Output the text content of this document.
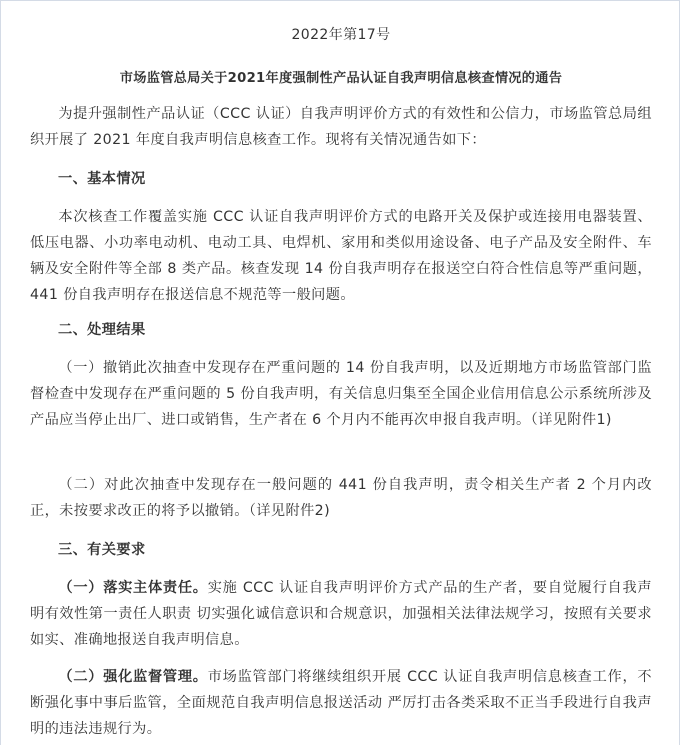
2022年第17号

市场监管总局关于2021年度强制性产品认证自我声明信息核查情况的通告

为提升强制性产品认证（CCC 认证）自我声明评价方式的有效性和公信力，市场监管总局组织开展了 2021 年度自我声明信息核查工作。现将有关情况通告如下：

一、基本情况

本次核查工作覆盖实施 CCC 认证自我声明评价方式的电路开关及保护或连接用电器装置、低压电器、小功率电动机、电动工具、电焊机、家用和类似用途设备、电子产品及安全附件、车辆及安全附件等全部 8 类产品。核查发现 14 份自我声明存在报送空白符合性信息等严重问题，441 份自我声明存在报送信息不规范等一般问题。

二、处理结果

（一）撤销此次抽查中发现存在严重问题的 14 份自我声明，以及近期地方市场监管部门监督检查中发现存在严重问题的 5 份自我声明，有关信息归集至全国企业信用信息公示系统所涉及产品应当停止出厂、进口或销售，生产者在 6 个月内不能再次申报自我声明。（详见附件1)

（二）对此次抽查中发现存在一般问题的 441 份自我声明，责令相关生产者 2 个月内改正，未按要求改正的将予以撤销。（详见附件2)

三、有关要求

（一）落实主体责任。实施 CCC 认证自我声明评价方式产品的生产者，要自觉履行自我声明有效性第一责任人职责 切实强化诚信意识和合规意识，加强相关法律法规学习，按照有关要求如实、准确地报送自我声明信息。

（二）强化监督管理。市场监管部门将继续组织开展 CCC 认证自我声明信息核查工作，不断强化事中事后监管，全面规范自我声明信息报送活动 严厉打击各类采取不正当手段进行自我声明的违法违规行为。
